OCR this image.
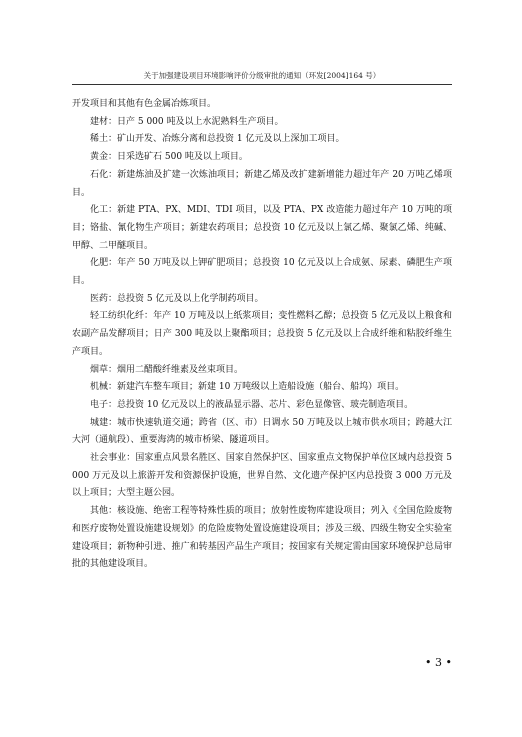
关于加强建设项目环境影响评价分级审批的通知（环发[2004]164 号）

开发项目和其他有色金属冶炼项目。

建材：日产 5 000 吨及以上水泥熟料生产项目。

稀土：矿山开发、冶炼分离和总投资 1 亿元及以上深加工项目。

黄金：日采选矿石 500 吨及以上项目。

石化：新建炼油及扩建一次炼油项目；新建乙烯及改扩建新增能力超过年产 20 万吨乙烯项目。

化工：新建 PTA、PX、MDI、TDI 项目，以及 PTA、PX 改造能力超过年产 10 万吨的项目；铬盐、氰化物生产项目；新建农药项目；总投资 10 亿元及以上氯乙烯、聚氯乙烯、纯碱、甲醇、二甲醚项目。

化肥：年产 50 万吨及以上钾矿肥项目；总投资 10 亿元及以上合成氨、尿素、磷肥生产项目。

医药：总投资 5 亿元及以上化学制药项目。

轻工纺织化纤：年产 10 万吨及以上纸浆项目；变性燃料乙醇；总投资 5 亿元及以上粮食和农副产品发酵项目；日产 300 吨及以上聚酯项目；总投资 5 亿元及以上合成纤维和粘胶纤维生产项目。

烟草：烟用二醋酸纤维素及丝束项目。

机械：新建汽车整车项目；新建 10 万吨级以上造船设施（船台、船坞）项目。

电子：总投资 10 亿元及以上的液晶显示器、芯片、彩色显像管、玻壳制造项目。

城建：城市快速轨道交通；跨省（区、市）日调水 50 万吨及以上城市供水项目；跨越大江大河（通航段）、重要海湾的城市桥梁、隧道项目。

社会事业：国家重点风景名胜区、国家自然保护区、国家重点文物保护单位区域内总投资 5 000 万元及以上旅游开发和资源保护设施，世界自然、文化遗产保护区内总投资 3 000 万元及以上项目；大型主题公园。

其他：核设施、绝密工程等特殊性质的项目；放射性废物库建设项目；列入《全国危险废物和医疗废物处置设施建设规划》的危险废物处置设施建设项目；涉及三级、四级生物安全实验室建设项目；新物种引进、推广和转基因产品生产项目；按国家有关规定需由国家环境保护总局审批的其他建设项目。

• 3 •
